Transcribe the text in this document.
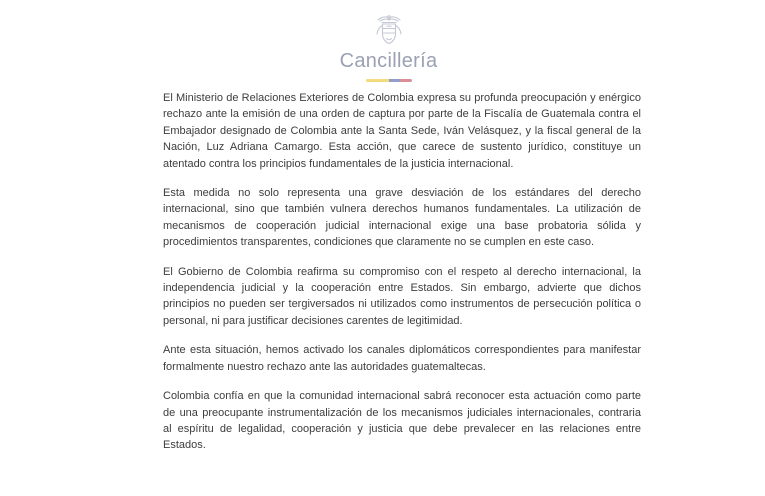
Cancillería

El Ministerio de Relaciones Exteriores de Colombia expresa su profunda preocupación y enérgico rechazo ante la emisión de una orden de captura por parte de la Fiscalía de Guatemala contra el Embajador designado de Colombia ante la Santa Sede, Iván Velásquez, y la fiscal general de la Nación, Luz Adriana Camargo. Esta acción, que carece de sustento jurídico, constituye un atentado contra los principios fundamentales de la justicia internacional.

Esta medida no solo representa una grave desviación de los estándares del derecho internacional, sino que también vulnera derechos humanos fundamentales. La utilización de mecanismos de cooperación judicial internacional exige una base probatoria sólida y procedimientos transparentes, condiciones que claramente no se cumplen en este caso.

El Gobierno de Colombia reafirma su compromiso con el respeto al derecho internacional, la independencia judicial y la cooperación entre Estados. Sin embargo, advierte que dichos principios no pueden ser tergiversados ni utilizados como instrumentos de persecución política o personal, ni para justificar decisiones carentes de legitimidad.

Ante esta situación, hemos activado los canales diplomáticos correspondientes para manifestar formalmente nuestro rechazo ante las autoridades guatemaltecas.

Colombia confía en que la comunidad internacional sabrá reconocer esta actuación como parte de una preocupante instrumentalización de los mecanismos judiciales internacionales, contraria al espíritu de legalidad, cooperación y justicia que debe prevalecer en las relaciones entre Estados.
